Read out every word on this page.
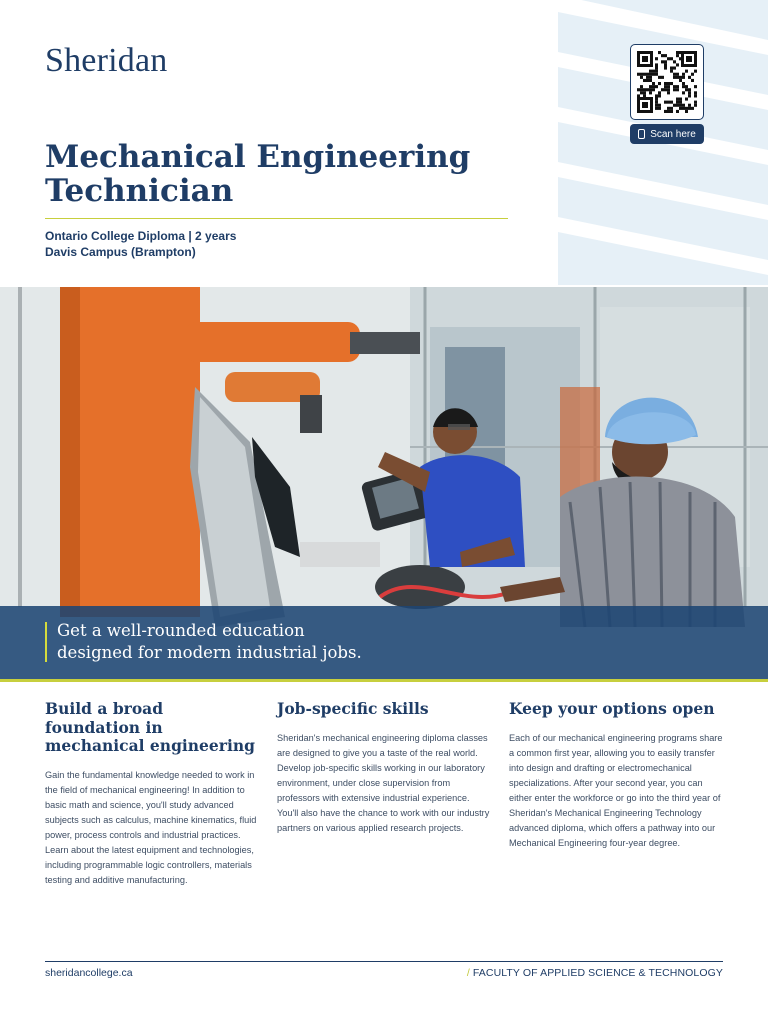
Sheridan
Scan here
Mechanical Engineering Technician
Ontario College Diploma | 2 years
Davis Campus (Brampton)

Get a well-rounded education
designed for modern industrial jobs.

Build a broad foundation in mechanical engineering

Gain the fundamental knowledge needed to work in the field of mechanical engineering! In addition to basic math and science, you'll study advanced subjects such as calculus, machine kinematics, fluid power, process controls and industrial practices. Learn about the latest equipment and technologies, including programmable logic controllers, materials testing and additive manufacturing.

Job-specific skills

Sheridan's mechanical engineering diploma classes are designed to give you a taste of the real world. Develop job-specific skills working in our laboratory environment, under close supervision from professors with extensive industrial experience. You'll also have the chance to work with our industry partners on various applied research projects.

Keep your options open

Each of our mechanical engineering programs share a common first year, allowing you to easily transfer into design and drafting or electromechanical specializations. After your second year, you can either enter the workforce or go into the third year of Sheridan's Mechanical Engineering Technology advanced diploma, which offers a pathway into our Mechanical Engineering four-year degree.

sheridancollege.ca	/ FACULTY OF APPLIED SCIENCE & TECHNOLOGY
